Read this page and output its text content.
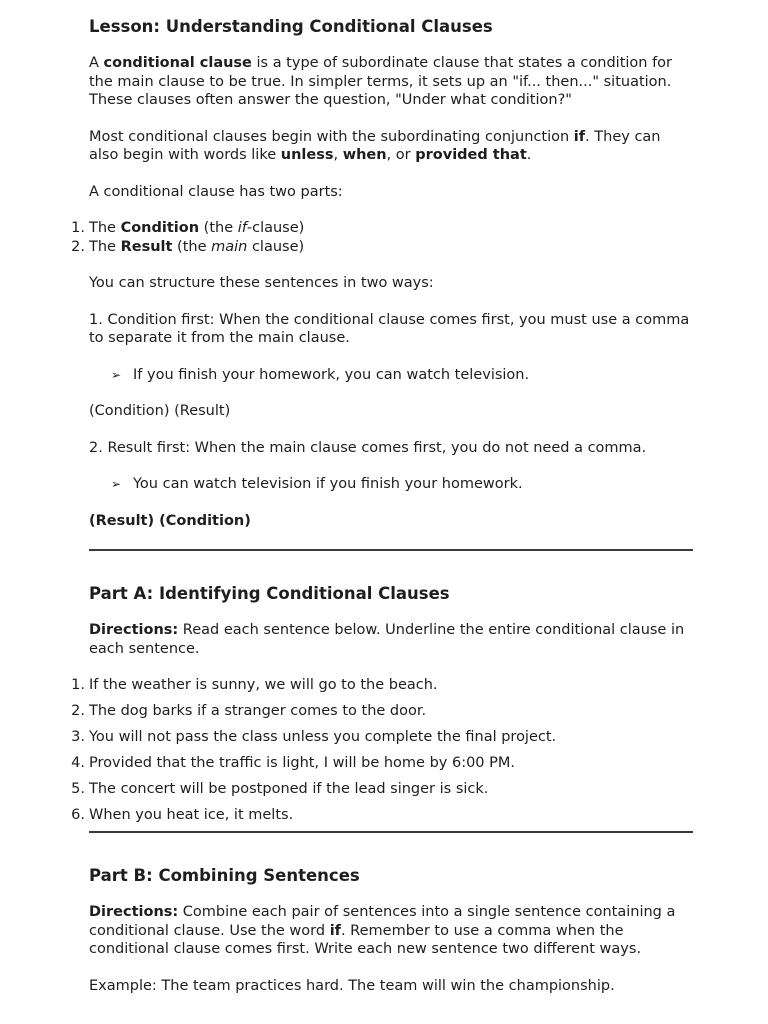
Lesson: Understanding Conditional Clauses

A conditional clause is a type of subordinate clause that states a condition for the main clause to be true. In simpler terms, it sets up an "if... then..." situation. These clauses often answer the question, "Under what condition?"

Most conditional clauses begin with the subordinating conjunction if. They can also begin with words like unless, when, or provided that.

A conditional clause has two parts:

1. The Condition (the if-clause)
2. The Result (the main clause)

You can structure these sentences in two ways:

1. Condition first: When the conditional clause comes first, you must use a comma to separate it from the main clause.

➢ If you finish your homework, you can watch television.

(Condition) (Result)

2. Result first: When the main clause comes first, you do not need a comma.

➢ You can watch television if you finish your homework.

(Result) (Condition)

Part A: Identifying Conditional Clauses

Directions: Read each sentence below. Underline the entire conditional clause in each sentence.

1. If the weather is sunny, we will go to the beach.
2. The dog barks if a stranger comes to the door.
3. You will not pass the class unless you complete the final project.
4. Provided that the traffic is light, I will be home by 6:00 PM.
5. The concert will be postponed if the lead singer is sick.
6. When you heat ice, it melts.
Part B: Combining Sentences

Directions: Combine each pair of sentences into a single sentence containing a conditional clause. Use the word if. Remember to use a comma when the conditional clause comes first. Write each new sentence two different ways.

Example: The team practices hard. The team will win the championship.
